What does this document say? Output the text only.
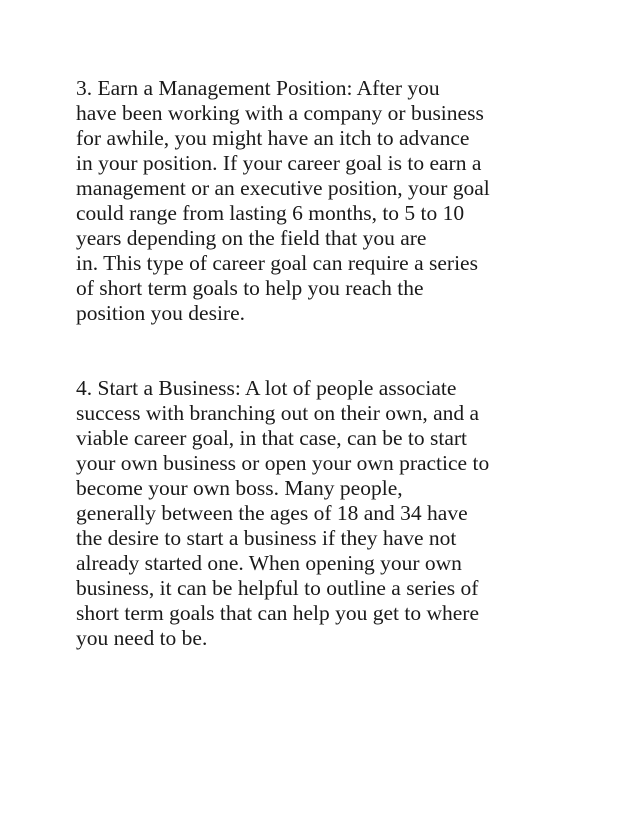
3. Earn a Management Position: After you
have been working with a company or business
for awhile, you might have an itch to advance
in your position. If your career goal is to earn a
management or an executive position, your goal
could range from lasting 6 months, to 5 to 10
years depending on the field that you are
in. This type of career goal can require a series
of short term goals to help you reach the
position you desire.

4. Start a Business: A lot of people associate
success with branching out on their own, and a
viable career goal, in that case, can be to start
your own business or open your own practice to
become your own boss. Many people,
generally between the ages of 18 and 34 have
the desire to start a business if they have not
already started one. When opening your own
business, it can be helpful to outline a series of
short term goals that can help you get to where
you need to be.
